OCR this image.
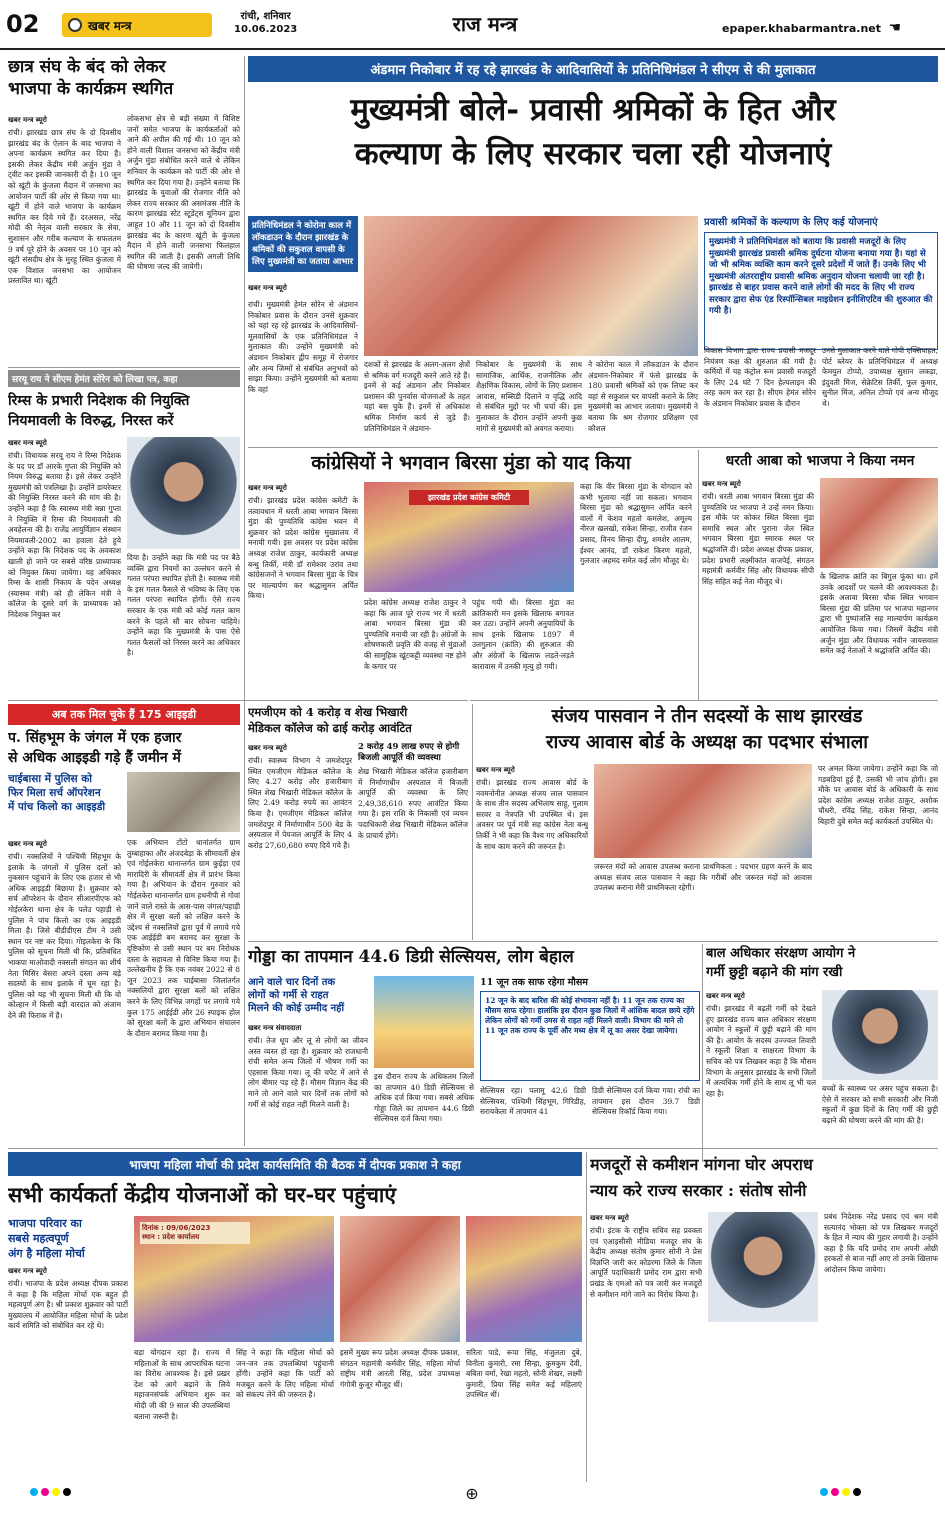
02	खबर मन्त्र
रांची, शनिवार
10.06.2023	राज मन्त्र	epaper.khabarmantra.net ☚
छात्र संघ के बंद को लेकर
भाजपा के कार्यक्रम स्थगित
खबर मन्त्र ब्यूरो
रांची। झारखंड छात्र संघ के दो दिवसीय झारखंड बंद के ऐलान के बाद भाजपा ने अपना कार्यक्रम स्थगित कर दिया है। इसकी लेकर केंद्रीय मंत्री अर्जुन मुंडा ने ट्वीट कर इसकी जानकारी दी है। 10 जून को खूंटी के कुंजला मैदान में जनसभा का आयोजन पार्टी की ओर से किया गया था। खूंटी में होने वाले भाजपा के कार्यक्रम स्थगित कर दिये गये हैं। दरअसल, नरेंद्र मोदी की नेतृत्व वाली सरकार के सेवा, सुशासन और गरीब कल्याण के सफलतम 9 वर्ष पूरे होने के अवसर पर 10 जून को खूंटी संसदीय क्षेत्र के मुरहू स्थित कुंजला में एक विशाल जनसभा का आयोजन प्रस्तावित था। खूंटी
लोकसभा क्षेत्र से बड़ी संख्या में विशिष्ट जनों समेत भाजपा के कार्यकर्ताओं को आने की अपील की गई थी। 10 जून को होने वाली विशाल जनसभा को केंद्रीय मंत्री अर्जुन मुंडा संबोधित करने वाले थे लेकिन शनिवार के कार्यक्रम को पार्टी की ओर से स्थगित कर दिया गया है। उन्होंने बताया कि झारखंड के युवाओं की रोजगार नीति को लेकर राज्य सरकार की असमंजस नीति के कारण झारखंड स्टेट स्टूडेंट्स यूनियन द्वारा आहूत 10 और 11 जून को दो दिवसीय झारखंड बंद के कारण खूंटी के कुंजला मैदान में होने वाली जनसभा फिलहाल स्थगित की जाती है। इसकी अगली तिथि की घोषणा जल्द की जायेगी।
सरयू राय ने सीएम हेमंत सोरेन को लिखा पत्र, कहा
रिम्स के प्रभारी निदेशक की नियुक्ति
नियमावली के विरुद्ध, निरस्त करें
खबर मन्त्र ब्यूरो
रांची। विधायक सरयू राय ने रिम्स निदेशक के पद पर डॉ आरके गुप्ता की नियुक्ति को नियम विरुद्ध बताया है। इसे लेकर उन्होंने मुख्यमंत्री को पत्रलिखा है। उन्होंने डायरेक्टर की नियुक्ति निरस्त करने की मांग की है। उन्होंने कहा है कि स्वास्थ्य मंत्री बन्ना गुप्ता ने नियुक्ति में रिम्स की नियमावली की अवहेलना की है। राजेंद्र आयुर्विज्ञान संस्थान नियमावली-2002 का हवाला देते हुये उन्होंने कहा कि निदेशक पद के अवकाश खाली हो जाने पर सबसे वरिष्ठ प्राध्यापक को नियुक्त किया जायेगा। यह अधिकार रिम्स के शासी निकाय के पदेन अध्यक्ष (स्वास्थ्य मंत्री) को ही लेकिन मंत्री ने कॉलेज के दूसरे वर्ग के प्राध्यापक को निदेशक नियुक्त कर
दिया है। उन्होंने कहा कि मंत्री पद पर बैठे व्यक्ति द्वारा नियमों का उल्लंघन करने से गलत परंपरा स्थापित होती है। स्वास्थ्य मंत्री के इस गलत फैसले से भविष्य के लिए एक गलत परंपरा स्थापित होगी। ऐसे राज्य सरकार के एक मंत्री को कोई गलत काम करने के पहले सौ बार सोचना चाहिये। उन्होंने कहा कि मुख्यमंत्री के पास ऐसे गलत फैसलों को निरस्त करने का अधिकार है।
अब तक मिल चुके हैं 175 आइइडी
प. सिंहभूम के जंगल में एक हजार
से अधिक आइइडी गड़े हैं जमीन में
चाईबासा में पुलिस को
फिर मिला सर्च ऑपरेशन
में पांच किलो का आइइडी
खबर मन्त्र ब्यूरो
रांची। नक्सलियों ने पश्चिमी सिंहभूम के इलाके के जंगलों में पुलिस दलों को नुकसान पहुंचाने के लिए एक हजार से भी अधिक आइइडी बिछाया है। शुक्रवार को सर्च ऑपरेशन के दौरान सीआरपीएफ को गोईलकेरा थाना क्षेत्र के पलेउ पहाड़ी से पुलिस ने पांच किलो का एक आइइडी मिला है। जिसे बीडीडीएस टीम ने उसी स्थान पर नष्ट कर दिया। गोइलकेरा के कि पुलिस को सूचना मिली थी कि, प्रतिबंधित भाकपा माओवादी नक्सली संगठन का शीर्ष नेता मिसिर बेसरा अपने दस्ता अन्य बड़े सदस्यों के साथ इलाके में घूम रहा है। पुलिस को यह भी सूचना मिली थी कि वो कोल्हान में किसी बड़ी वारदात को अंजाम देने की फिराक में है।
एक अभियान टोंटो थानांतर्गत ग्राम तुम्बाहाका और अंजदबेड़ा के सीमावर्ती क्षेत्र एवं गोईलकेरा थानान्तर्गत ग्राम कुईड़ा एवं मारादिरी के सीमावर्ती क्षेत्र में प्रारंभ किया गया है। अभियान के दौरान गुरुवार को गोईलकेरा थानान्तर्गत ग्राम हथनीपी से गोवां जाने वाले रास्ते के आस-पास जंगल/पहाड़ी क्षेत्र में सुरक्षा बलों को लक्षित करने के उद्देश्य से नक्सलियों द्वारा पूर्व में लगाये गये एक आईईडी बम बरामद कर सुरक्षा के दृष्टिकोण से उसी स्थान पर बम निरोधक दस्ता के सहायता से विनिष्ट किया गया है। उल्लेखनीय है कि एक नवंबर 2022 से 8 जून 2023 तक चाईबासा जिलांतर्गत नक्सलियों द्वारा सुरक्षा बलों को लक्षित करने के लिए विभिन्न जगहों पर लगाये गये कुल 175 आईईडी और 26 स्पाइक होल को सुरक्षा बलों के द्वारा अभियान संचालन के दौरान बरामद किया गया है।
अंडमान निकोबार में रह रहे झारखंड के आदिवासियों के प्रतिनिधिमंडल ने सीएम से की मुलाकात
मुख्यमंत्री बोले- प्रवासी श्रमिकों के हित और
कल्याण के लिए सरकार चला रही योजनाएं
प्रतिनिधिमंडल ने कोरोना काल में लॉकडाउन के दौरान झारखंड के श्रमिकों की सकुशल वापसी के लिए मुख्यमंत्री का जताया आभार
प्रवासी श्रमिकों के कल्याण के लिए कई योजनाएं
मुख्यमंत्री ने प्रतिनिधिमंडल को बताया कि प्रवासी मजदूरों के लिए मुख्यमंत्री झारखंड प्रवासी श्रमिक दुर्घटना योजना बनाया गया है। यहां से जो भी श्रमिक व्यक्ति काम करने दूसरे प्रदेशों में जाते हैं। उनके लिए भी मुख्यमंत्री अंतरराष्ट्रीय प्रवासी श्रमिक अनुदान योजना चलायी जा रही है। झारखंड से बाहर प्रवास करने वाले लोगों की मदद के लिए भी राज्य सरकार द्वारा सेफ एंड रिस्पॉन्सिबल माइग्रेशन इनीशिएटिव की शुरुआत की गयी है।
खबर मन्त्र ब्यूरो
रांची। मुख्यमंत्री हेमंत सोरेन से अंडमान निकोबार प्रवास के दौरान उनसे शुक्रवार को यहां रह रहे झारखंड के आदिवासियों-मूलवासियों के एक प्रतिनिधिमंडल ने मुलाकात की। उन्होंने मुख्यमंत्री को अंडमान निकोबार द्वीप समूह में रोजगार और अन्य जिम्मों से संबंधित अनुभवों को साझा किया। उन्होंने मुख्यमंत्री को बताया कि वहां
दशकों से झारखंड के अलग-अलग क्षेत्रों से श्रमिक वर्ग मजदूरी करने आते रहे हैं। इनमें से कई अंडमान और निकोबार प्रशासन की पुनर्वास योजनाओं के तहत यहां बस चुके हैं। इनमें से अधिकांश श्रमिक निर्माण कार्य से जुड़े हैं। प्रतिनिधिमंडल ने अंडमान-
निकोबार के मुख्यमंत्री के साथ सामाजिक, आर्थिक, राजनीतिक और शैक्षणिक विकास, लोगों के लिए प्रशासन आवास, सब्सिडी दिलाने व वृद्धि आदि से संबंधित मुद्दों पर भी चर्चा की। इस मुलाकात के दौरान उन्होंने अपनी कुछ मांगों से मुख्यमंत्री को अवगत कराया।
ने कोरोना काल में लॉकडाउन के दौरान अंडमान-निकोबार में फंसे झारखंड के 180 प्रवासी श्रमिकों को एक लिफ्ट कर वहां से सकुशल घर वापसी कराने के लिए मुख्यमंत्री का आभार जताया। मुख्यमंत्री ने बताया कि श्रम रोजगार प्रशिक्षण एवं कौशल
विकास विभाग द्वारा राज्य प्रवासी मजदूर नियंत्रण कक्ष की शुरुआत की गयी है। कर्मियों में यह कंट्रोल रूम प्रवासी मजदूरों के लिए 24 घंटे 7 दिन हेल्पलाइन की तरह काम कर रहा है। सीएम हेमंत सोरेन के अंडमान निकोबार प्रवास के दौरान
उनसे मुलाकात करने वाले गोपी एक्सिपाहत, पोर्ट ब्लेयर के प्रतिनिधिमंडल में अध्यक्ष फेमयुल टोप्पो, उपाध्यक्ष सुशान लकड़ा, इंदुवती मिंज, सेक्रेटिस तिर्की, फूल कुमार, सुनील मिंज, अनिल टोप्पो एवं अन्य मौजूद थे।
कांग्रेसियों ने भगवान बिरसा मुंडा को याद किया
खबर मन्त्र ब्यूरो
रांची। झारखंड प्रदेश कांग्रेस कमेटी के तत्वावधान में धरती आबा भगवान बिरसा मुंडा की पुण्यतिथि कांग्रेस भवन में शुक्रवार को प्रदेश कांग्रेस मुख्यालय में मनायी गयी। इस अवसर पर प्रदेश कांग्रेस अध्यक्ष राजेश ठाकुर, कार्यकारी अध्यक्ष बन्धु तिर्की, मंत्री डॉ रामेश्वर उरांव तथा कांग्रेसजनों ने भगवान बिरसा मुंडा के चित्र पर माल्यार्पण कर श्रद्धासुमन अर्पित किया।
झारखंड प्रदेश कांग्रेस कमिटी
प्रदेश कांग्रेस अध्यक्ष राजेश ठाकुर ने कहा कि आज पूरे राज्य भर में धरती आबा भगवान बिरसा मुंडा की पुण्यतिथि मनायी जा रही है। अंग्रेजों के शोषणकारी प्रवृति की वजह से मुंडाओं की सामुहिक खूंटकट्टी व्यवस्था नष्ट होने के कगार पर
पहुंच गयी थी। बिरसा मुंडा का क्रांतिकारी मन इसके खिलाफ बगावत कर उठा। उन्होंने अपनी अनुयायियों के साथ इनके खिलाफ 1897 में उलगुलान (क्रांति) की शुरुआत की और अंग्रेजों के खिलाफ लड़ते-लड़ते कारावास में उनकी मृत्यु हो गयी।
कहा कि वीर बिरसा मुंडा के योगदान को कभी भुलाया नहीं जा सकता। भगवान बिरसा मुंडा को श्रद्धासुमन अर्पित करने वालों में केशव महतो कमलेश, अमूल्य नीरज खलखो, राकेश सिन्हा, राजीव रंजन प्रसाद, विनय सिन्हा दीपू, शमशेर आलम, ईश्वर आनंद, डॉ राकेश किरण महतो, गुलजार अहमद समेत कई लोग मौजूद थे।
धरती आबा को भाजपा ने किया नमन
खबर मन्त्र ब्यूरो
रांची। धरती आबा भगवान बिरसा मुंडा की पुण्यतिथि पर भाजपा ने उन्हें नमन किया। इस मौके पर कोकर स्थित बिरसा मुंडा समाधि स्थल और पुराना जेल स्थित भगवान बिरसा मुंडा स्मारक स्थल पर श्रद्धांजलि दी। प्रदेश अध्यक्ष दीपक प्रकाश, प्रदेश प्रभारी लक्ष्मीकांत वाजपेई, संगठन महामंत्री कर्मवीर सिंह और विधायक सीपी सिंह सहित कई नेता मौजूद थे।
के खिलाफ क्रांति का बिगुल फूंका था। हमें उनके आदर्शों पर चलने की आवश्यकता है। इसके अलावा बिरसा चौक स्थित भगवान बिरसा मुंडा की प्रतिमा पर भाजपा महानगर द्वारा भी पुष्पांजलि सह माल्यार्पण कार्यक्रम आयोजित किया गया। जिसमें केंद्रीय मंत्री अर्जुन मुंडा और विधायक नवीन जायसवाल समेत कई नेताओं ने श्रद्धांजलि अर्पित की।
एमजीएम को 4 करोड़ व शेख भिखारी
मेडिकल कॉलेज को ढाई करोड़ आवंटित
खबर मन्त्र ब्यूरो
रांची। स्वास्थ्य विभाग ने जमशेदपुर स्थित एमजीएम मेडिकल कॉलेज के लिए 4.27 करोड़ और हजारीबाग स्थित शेख भिखारी मेडिकल कॉलेज के लिए 2.49 करोड़ रुपये का आवंटन किया है। एमजीएम मेडिकल कॉलेज जमशेदपुर में निर्माणाधीन 500 बेड के अस्पताल में पेयजल आपूर्ति के लिए 4 करोड़ 27,60,680 रुपए दिये गये हैं।
2 करोड़ 49 लाख रुपए से होगी बिजली आपूर्ति की व्यवस्था
शेख भिखारी मेडिकल कॉलेज हजारीबाग में निर्माणाधीन अस्पताल में बिजली आपूर्ति की व्यवस्था के लिए 2,49,38,610 रुपए आवंटित किया गया है। इस राशि के निकासी एवं व्ययन पदाधिकारी शेख भिखारी मेडिकल कॉलेज के प्राचार्य होंगे।
संजय पासवान ने तीन सदस्यों के साथ झारखंड
राज्य आवास बोर्ड के अध्यक्ष का पदभार संभाला
खबर मन्त्र ब्यूरो
रांची। झारखंड राज्य आवास बोर्ड के नवमनोनीत अध्यक्ष संजय लाल पासवान के साथ तीन सदस्य अभिलाष साहू, गुलाम सरवर व नेत्रपति भी उपस्थित थे। इस अवसर पर पूर्व मंत्री सह कांग्रेस नेता बन्धु तिर्की ने भी कहा कि वैश्य गए अधिकारियों के साथ काम करने की जरूरत है।
जरूरत मंदों को आवास उपलब्ध कराना प्राथमिकता : पदभार ग्रहण करने के बाद अध्यक्ष संजय लाल पासवान ने कहा कि गरीबों और जरूरत मंदों को आवास उपलब्ध कराना मेरी प्राथमिकता रहेगी।
पर अमल किया जायेगा। उन्होंने कहा कि जो गड़बड़ियां हुई हैं, उसकी भी जांच होगी। इस मौके पर आवास बोर्ड के अधिकारी के साथ प्रदेश कांग्रेस अध्यक्ष राजेश ठाकुर, अशोक चौधरी, रविंद्र सिंह, राकेश सिन्हा, आनंद बिहारी दुबे समेत कई कार्यकर्ता उपस्थित थे।
गोड्डा का तापमान 44.6 डिग्री सेल्सियस, लोग बेहाल
आने वाले चार दिनों तक
लोगों को गर्मी से राहत
मिलने की कोई उम्मीद नहीं
खबर मन्त्र संवाददाता
रांची। तेज धूप और लू से लोगों का जीवन अस्त व्यस्त हो रहा है। शुक्रवार को राजधानी रांची समेत अन्य जिलों में भीषण गर्मी का एहसास किया गया। लू की चपेट में आने से लोग बीमार पड़ रहे हैं। मौसम विज्ञान केंद्र की माने तो आने वाले चार दिनों तक लोगों को गर्मी से कोई राहत नहीं मिलने वाली है।
इस दौरान राज्य के अधिकतम जिलों का तापमान 40 डिग्री सेल्सियस से अधिक दर्ज किया गया। सबसे अधिक गोड्डा जिले का तापमान 44.6 डिग्री सेल्सियस दर्ज किया गया।
11 जून तक साफ रहेगा मौसम
12 जून के बाद बारिश की कोई संभावना नहीं है। 11 जून तक राज्य का मौसम साफ रहेगा। हालांकि इस दौरान कुछ जिलों में आंशिक बादल छाये रहेंगे लेकिन लोगों को गर्मी उमस से राहत नहीं मिलने वाली। विभाग की माने तो 11 जून तक राज्य के पूर्वी और मध्य क्षेत्र में लू का असर देखा जायेगा।
सेल्सियस रहा। पलामू 42.6 डिग्री सेल्सियस, पश्चिमी सिंहभूम, गिरिडीह, सरायकेला में तापमान 41
डिग्री सेल्सियस दर्ज किया गया। रांची का तापमान इस दौरान 39.7 डिग्री सेल्सियस रिकॉर्ड किया गया।
बाल अधिकार संरक्षण आयोग ने
गर्मी छुट्टी बढ़ाने की मांग रखी
खबर मन्त्र ब्यूरो
रांची। झारखंड में बढ़ती गर्मी को देखते हुए झारखंड राज्य बाल अधिकार संरक्षण आयोग ने स्कूलों में छुट्टी बढ़ाने की मांग की है। आयोग के सदस्य उज्ज्वल तिवारी ने स्कूली शिक्षा व साक्षरता विभाग के सचिव को पत्र लिखकर कहा है कि मौसम विभाग के अनुसार झारखंड के सभी जिलों में अत्यधिक गर्मी होने के साथ लू भी चल रहा है।
बच्चों के स्वास्थ्य पर असर पहुंच सकता है। ऐसे में सरकार को सभी सरकारी और निजी स्कूलों में कुछ दिनों के लिए गर्मी की छुट्टी बढ़ाने की घोषणा करने की मांग की है।
भाजपा महिला मोर्चा की प्रदेश कार्यसमिति की बैठक में दीपक प्रकाश ने कहा
सभी कार्यकर्ता केंद्रीय योजनाओं को घर-घर पहुंचाएं
भाजपा परिवार का
सबसे महत्वपूर्ण
अंग है महिला मोर्चा
खबर मन्त्र ब्यूरो
रांची। भाजपा के प्रदेश अध्यक्ष दीपक प्रकाश ने कहा है कि महिला मोर्चा एक बहुत ही महत्वपूर्ण अंग है। श्री प्रकाश शुक्रवार को पार्टी मुख्यालय में आयोजित महिला मोर्चा के प्रदेश कार्य समिति को संबोधित कर रहे थे।
दिनांक : 09/06/2023
स्थान : प्रदेश कार्यालय
बड़ा योगदान रहा है। राज्य में महिलाओं के साथ आपराधिक घटना का विरोध आवश्यक है। इसे प्रखर देश को आगे बढ़ाने के लिये महाजनसंपर्क अभियान शुरू कर मोदी जी की 9 साल की उपलब्धियां बताना जरूरी है।
सिंह ने कहा कि महिला मोर्चा को जन-जन तक उपलब्धियां पहुंचानी होंगी। उन्होंने कहा कि पार्टी को मजबूत करने के लिए महिला मोर्चा को संकल्प लेने की जरूरत है।
इसमें मुख्य रूप प्रदेश अध्यक्ष दीपक प्रकाश, संगठन महामंत्री कर्मवीर सिंह, महिला मोर्चा राष्ट्रीय मंत्री आरती सिंह, प्रदेश उपाध्यक्ष गंगोत्री कुजूर मौजूद थीं।
सरिता पाडे, रूपा सिंह, मंजुलता दुबे, विनीता कुमारी, रमा सिन्हा, कुमकुम देवी, बबिता वर्मा, रेखा महतो, सोनी शेखर, लक्ष्मी कुमारी, प्रिया सिंह समेत कई महिलाएं उपस्थित थीं।
मजदूरों से कमीशन मांगना घोर अपराध
न्याय करे राज्य सरकार : संतोष सोनी
खबर मन्त्र ब्यूरो
रांची। इंटक के राष्ट्रीय सचिव सह प्रवक्ता एवं एआइसीसी मीडिया मजदूर संघ के केंद्रीय अध्यक्ष संतोष कुमार सोनी ने प्रेस विज्ञप्ति जारी कर कोडरमा जिले के जिला आपूर्ति पदाधिकारी प्रमोद राम द्वारा सभी प्रखंड के एमओ को पत्र जारी कर मजदूरों से कमीशन मांगे जाने का विरोध किया है।
प्रबंध निदेशक नरेंद्र प्रसाद एवं श्रम मंत्री सत्यानंद भोक्ता को पत्र लिखकर मजदूरों के हित में न्याय की गुहार लगायी है। उन्होंने कहा है कि यदि प्रमोद राम अपनी ओछी हरकतों से बाज नहीं आए तो उनके खिलाफ आंदोलन किया जायेगा।
⊕
